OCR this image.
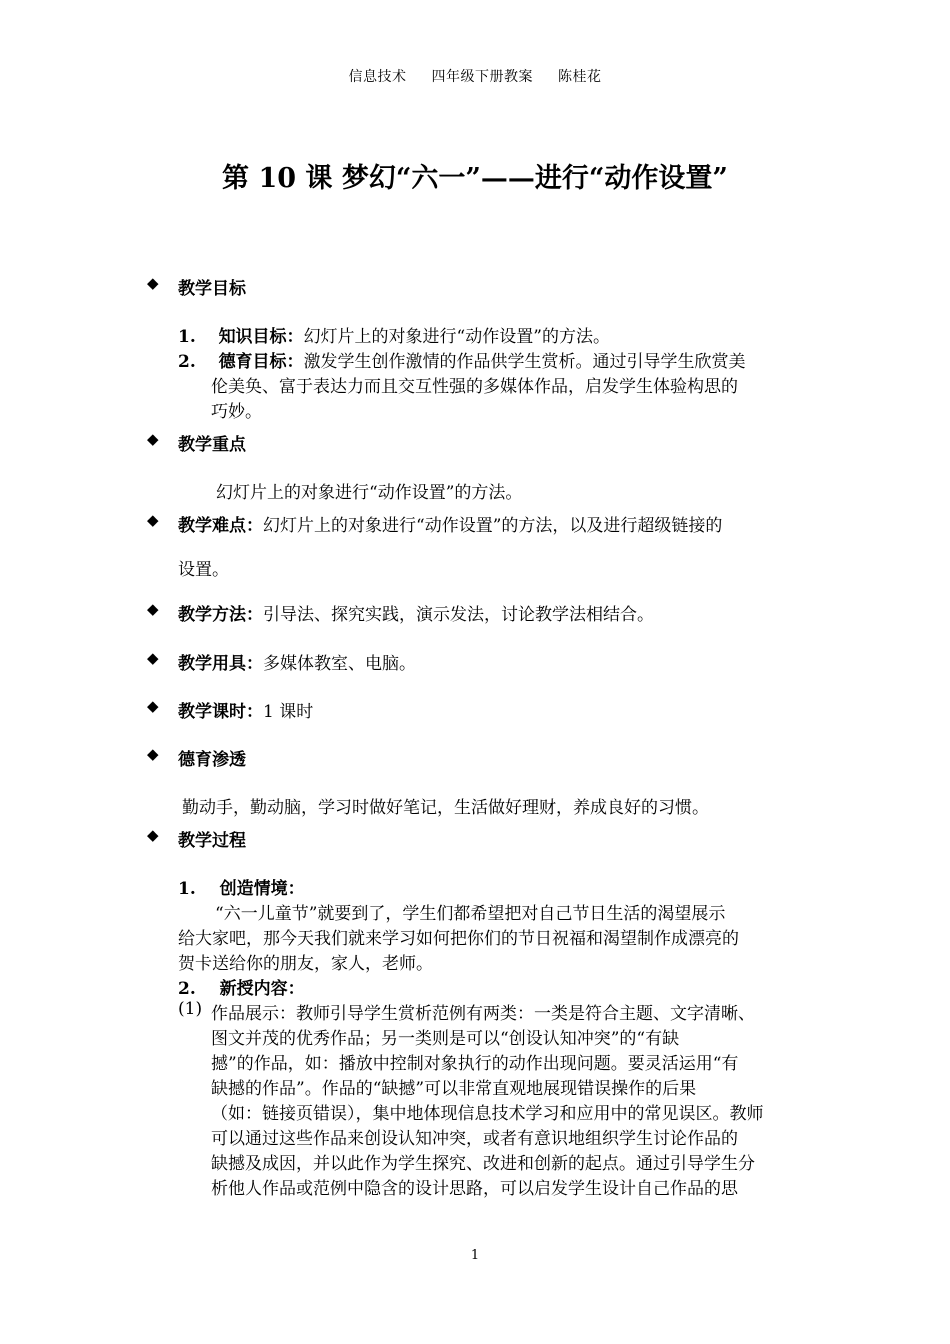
信息技术 四年级下册教案 陈桂花
第 10 课 梦幻“六一”——进行“动作设置”
◆ 教学目标
1. 知识目标：幻灯片上的对象进行“动作设置”的方法。
2. 德育目标：激发学生创作激情的作品供学生赏析。通过引导学生欣赏美
伦美奂、富于表达力而且交互性强的多媒体作品，启发学生体验构思的
巧妙。
◆ 教学重点
幻灯片上的对象进行“动作设置”的方法。
◆ 教学难点：幻灯片上的对象进行“动作设置”的方法，以及进行超级链接的
设置。
◆ 教学方法：引导法、探究实践，演示发法，讨论教学法相结合。
◆ 教学用具：多媒体教室、电脑。
◆ 教学课时：1 课时
◆ 德育渗透
勤动手，勤动脑，学习时做好笔记，生活做好理财，养成良好的习惯。
◆ 教学过程
1. 创造情境：
“六一儿童节”就要到了，学生们都希望把对自己节日生活的渴望展示
给大家吧，那今天我们就来学习如何把你们的节日祝福和渴望制作成漂亮的
贺卡送给你的朋友，家人，老师。
2. 新授内容：
(1) 作品展示：教师引导学生赏析范例有两类：一类是符合主题、文字清晰、
图文并茂的优秀作品；另一类则是可以“创设认知冲突”的“有缺
撼”的作品，如：播放中控制对象执行的动作出现问题。要灵活运用“有
缺撼的作品”。作品的“缺撼”可以非常直观地展现错误操作的后果
（如：链接页错误），集中地体现信息技术学习和应用中的常见误区。教师
可以通过这些作品来创设认知冲突，或者有意识地组织学生讨论作品的
缺撼及成因，并以此作为学生探究、改进和创新的起点。通过引导学生分
析他人作品或范例中隐含的设计思路，可以启发学生设计自己作品的思
1
